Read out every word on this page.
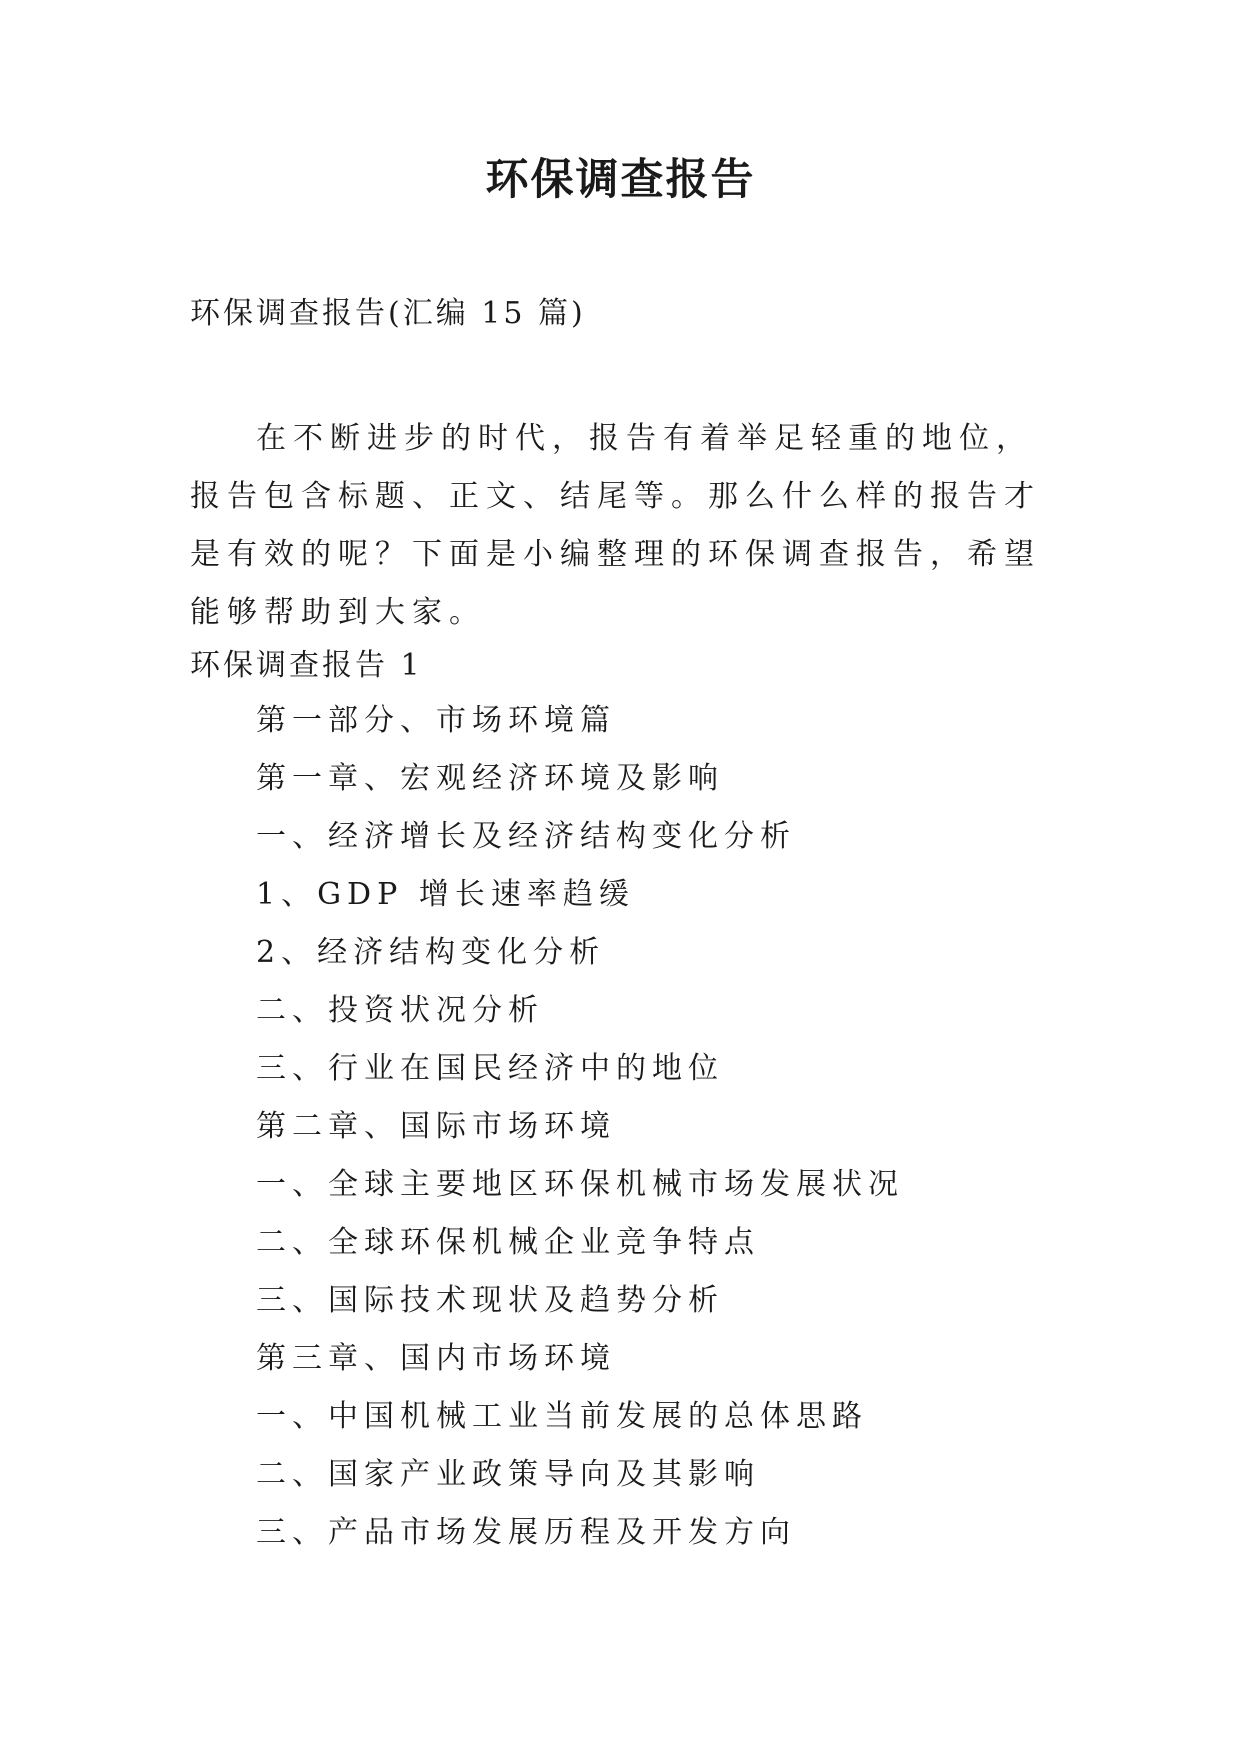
环保调查报告
环保调查报告(汇编 15 篇)

在不断进步的时代，报告有着举足轻重的地位，报告包含标题、正文、结尾等。那么什么样的报告才是有效的呢？下面是小编整理的环保调查报告，希望能够帮助到大家。

环保调查报告 1
第一部分、市场环境篇
第一章、宏观经济环境及影响
一、经济增长及经济结构变化分析
1、GDP 增长速率趋缓
2、经济结构变化分析
二、投资状况分析
三、行业在国民经济中的地位
第二章、国际市场环境
一、全球主要地区环保机械市场发展状况
二、全球环保机械企业竞争特点
三、国际技术现状及趋势分析
第三章、国内市场环境
一、中国机械工业当前发展的总体思路
二、国家产业政策导向及其影响
三、产品市场发展历程及开发方向
